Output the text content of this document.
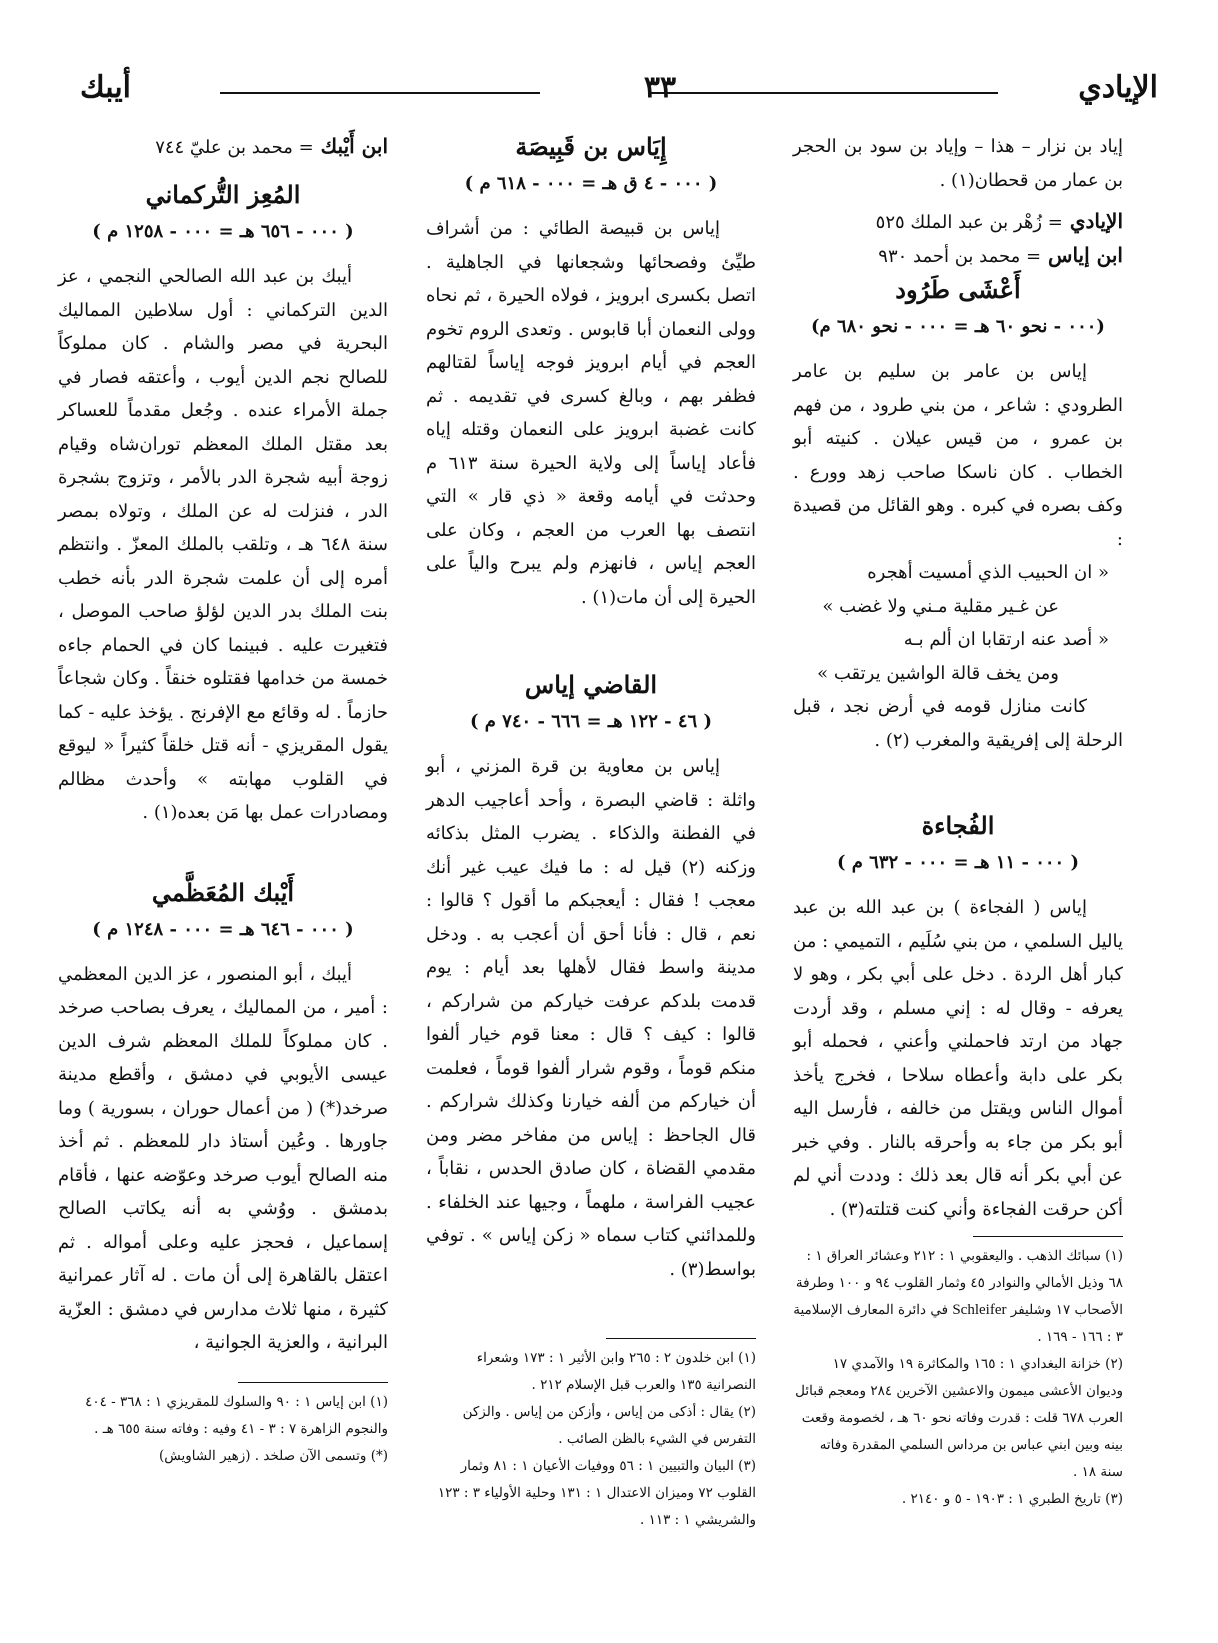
الإيادي
٣٣
أيبك

إياد بن نزار – هذا – وإياد بن سود بن الحجر بن عمار من قحطان(١) .

الإيادي = زُهْر بن عبد الملك ٥٢٥

ابن إياس = محمد بن أحمد ٩٣٠

أَعْشَى طَرُود
(٠٠٠ - نحو ٦٠ هـ = ٠٠٠ - نحو ٦٨٠ م)

إياس بن عامر بن سليم بن عامر الطرودي : شاعر ، من بني طرود ، من فهم بن عمرو ، من قيس عيلان . كنيته أبو الخطاب . كان ناسكا صاحب زهد وورع . وكف بصره في كبره . وهو القائل من قصيدة :

« ان الحبيب الذي أمسيت أهجره

عن غـير مقلية مـني ولا غضب »

« أصد عنه ارتقابا ان ألم بـه

ومن يخف قالة الواشين يرتقب »

كانت منازل قومه في أرض نجد ، قبل الرحلة إلى إفريقية والمغرب (٢) .

الفُجاءة
( ٠٠٠ - ١١ هـ = ٠٠٠ - ٦٣٢ م )

إياس ( الفجاءة ) بن عبد الله بن عبد ياليل السلمي ، من بني سُلَيم ، التميمي : من كبار أهل الردة . دخل على أبي بكر ، وهو لا يعرفه - وقال له : إني مسلم ، وقد أردت جهاد من ارتد فاحملني وأعني ، فحمله أبو بكر على دابة وأعطاه سلاحا ، فخرج يأخذ أموال الناس ويقتل من خالفه ، فأرسل اليه أبو بكر من جاء به وأحرقه بالنار . وفي خبر عن أبي بكر أنه قال بعد ذلك : وددت أني لم أكن حرقت الفجاءة وأني كنت قتلته(٣) .

(١) سبائك الذهب . واليعقوبي ١ : ٢١٢ وعشائر العراق ١ : ٦٨ وذيل الأمالي والنوادر ٤٥ وثمار القلوب ٩٤ و ١٠٠ وطرفة الأصحاب ١٧ وشليفر Schleifer في دائرة المعارف الإسلامية ٣ : ١٦٦ - ١٦٩ .

(٢) خزانة البغدادي ١ : ١٦٥ والمكاثرة ١٩ والآمدي ١٧ وديوان الأعشى ميمون والاعشين الآخرين ٢٨٤ ومعجم قبائل العرب ٦٧٨ قلت : قدرت وفاته نحو ٦٠ هـ ، لخصومة وقعت بينه وبين ابني عباس بن مرداس السلمي المقدرة وفاته سنة ١٨ .

(٣) تاريخ الطبري ١ : ١٩٠٣ - ٥ و ٢١٤٠ .

إِيَاس بن قَبِيصَة
( ٠٠٠ - ٤ ق هـ = ٠٠٠ - ٦١٨ م )

إياس بن قبيصة الطائي : من أشراف طيِّئ وفصحائها وشجعانها في الجاهلية . اتصل بكسرى ابرويز ، فولاه الحيرة ، ثم نحاه وولى النعمان أبا قابوس . وتعدى الروم تخوم العجم في أيام ابرويز فوجه إياساً لقتالهم فظفر بهم ، وبالغ كسرى في تقديمه . ثم كانت غضبة ابرويز على النعمان وقتله إياه فأعاد إياساً إلى ولاية الحيرة سنة ٦١٣ م وحدثت في أيامه وقعة « ذي قار » التي انتصف بها العرب من العجم ، وكان على العجم إياس ، فانهزم ولم يبرح والياً على الحيرة إلى أن مات(١) .

القاضي إياس
( ٤٦ - ١٢٢ هـ = ٦٦٦ - ٧٤٠ م )

إياس بن معاوية بن قرة المزني ، أبو واثلة : قاضي البصرة ، وأحد أعاجيب الدهر في الفطنة والذكاء . يضرب المثل بذكائه وزكنه (٢) قيل له : ما فيك عيب غير أنك معجب ! فقال : أيعجبكم ما أقول ؟ قالوا : نعم ، قال : فأنا أحق أن أعجب به . ودخل مدينة واسط فقال لأهلها بعد أيام : يوم قدمت بلدكم عرفت خياركم من شراركم ، قالوا : كيف ؟ قال : معنا قوم خيار ألفوا منكم قوماً ، وقوم شرار ألفوا قوماً ، فعلمت أن خياركم من ألفه خيارنا وكذلك شراركم . قال الجاحظ : إياس من مفاخر مضر ومن مقدمي القضاة ، كان صادق الحدس ، نقاباً ، عجيب الفراسة ، ملهماً ، وجيها عند الخلفاء . وللمدائني كتاب سماه « زكن إياس » . توفي بواسط(٣) .

(١) ابن خلدون ٢ : ٢٦٥ وابن الأثير ١ : ١٧٣ وشعراء النصرانية ١٣٥ والعرب قبل الإسلام ٢١٢ .

(٢) يقال : أذكى من إياس ، وأزكن من إياس . والزكن التفرس في الشيء بالظن الصائب .

(٣) البيان والتبيين ١ : ٥٦ ووفيات الأعيان ١ : ٨١ وثمار القلوب ٧٢ وميزان الاعتدال ١ : ١٣١ وحلية الأولياء ٣ : ١٢٣ والشريشي ١ : ١١٣ .

ابن أَيْبك = محمد بن عليّ ٧٤٤

المُعِز التُّركماني
( ٠٠٠ - ٦٥٦ هـ = ٠٠٠ - ١٢٥٨ م )

أيبك بن عبد الله الصالحي النجمي ، عز الدين التركماني : أول سلاطين المماليك البحرية في مصر والشام . كان مملوكاً للصالح نجم الدين أيوب ، وأعتقه فصار في جملة الأمراء عنده . وجُعل مقدماً للعساكر بعد مقتل الملك المعظم توران‌شاه وقيام زوجة أبيه شجرة الدر بالأمر ، وتزوج بشجرة الدر ، فنزلت له عن الملك ، وتولاه بمصر سنة ٦٤٨ هـ ، وتلقب بالملك المعزّ . وانتظم أمره إلى أن علمت شجرة الدر بأنه خطب بنت الملك بدر الدين لؤلؤ صاحب الموصل ، فتغيرت عليه . فبينما كان في الحمام جاءه خمسة من خدامها فقتلوه خنقاً . وكان شجاعاً حازماً . له وقائع مع الإفرنج . يؤخذ عليه - كما يقول المقريزي - أنه قتل خلقاً كثيراً « ليوقع في القلوب مهابته » وأحدث مظالم ومصادرات عمل بها مَن بعده(١) .

أَيْبك المُعَظَّمي
( ٠٠٠ - ٦٤٦ هـ = ٠٠٠ - ١٢٤٨ م )

أيبك ، أبو المنصور ، عز الدين المعظمي : أمير ، من المماليك ، يعرف بصاحب صرخد . كان مملوكاً للملك المعظم شرف الدين عيسى الأيوبي في دمشق ، وأقطع مدينة صرخد(*) ( من أعمال حوران ، بسورية ) وما جاورها . وعُين أستاذ دار للمعظم . ثم أخذ منه الصالح أيوب صرخد وعوّضه عنها ، فأقام بدمشق . ووُشي به أنه يكاتب الصالح إسماعيل ، فحجز عليه وعلى أمواله . ثم اعتقل بالقاهرة إلى أن مات . له آثار عمرانية كثيرة ، منها ثلاث مدارس في دمشق : العزّية البرانية ، والعزية الجوانية ،

(١) ابن إياس ١ : ٩٠ والسلوك للمقريزي ١ : ٣٦٨ - ٤٠٤ والنجوم الزاهرة ٧ : ٣ - ٤١ وفيه : وفاته سنة ٦٥٥ هـ .

(*) وتسمى الآن صلخد . (زهير الشاويش)
